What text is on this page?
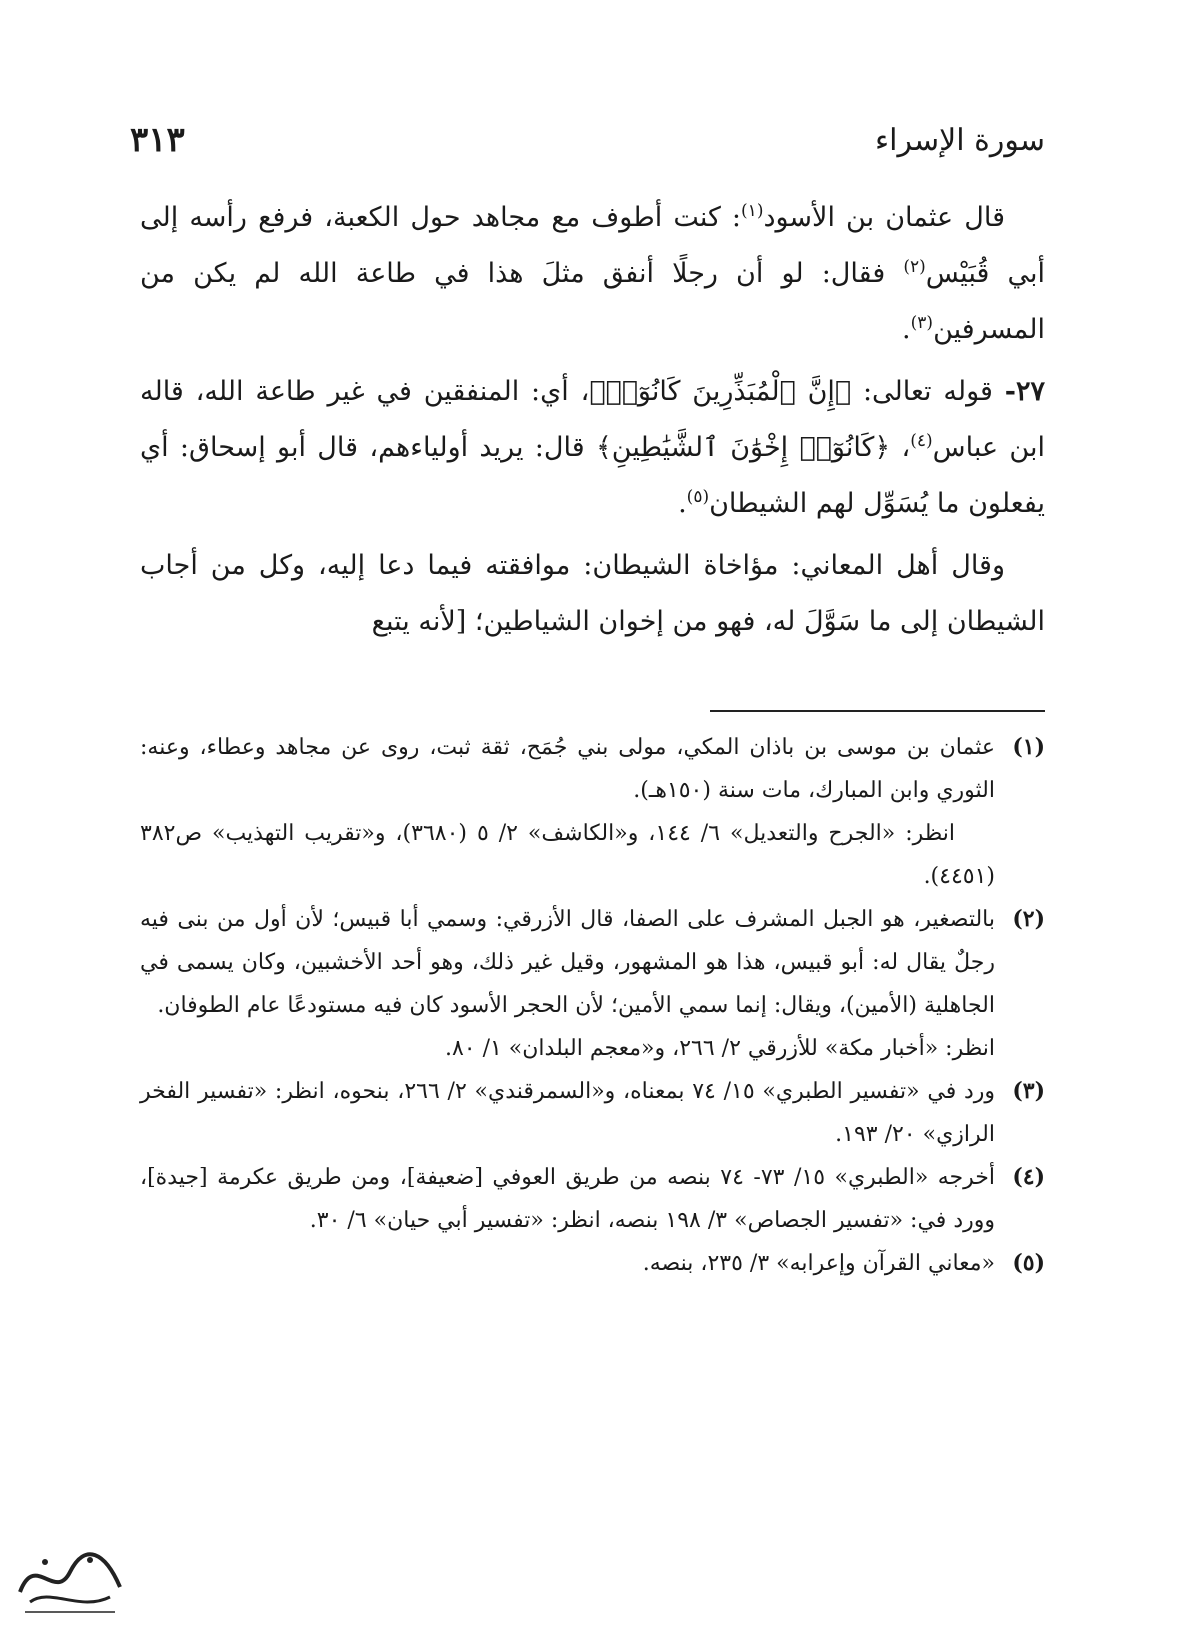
سورة الإسراء
٣١٣

قال عثمان بن الأسود$^{(١)}$: كنت أطوف مع مجاهد حول الكعبة، فرفع رأسه إلى أبي قُبَيْس$^{(٢)}$ فقال: لو أن رجلًا أنفق مثلَ هذا في طاعة الله لم يكن من المسرفين$^{(٣)}$.

٢٧- قوله تعالى: ﴿إِنَّ ٱلْمُبَذِّرِينَ كَانُوٓا۟﴾، أي: المنفقين في غير طاعة الله، قاله ابن عباس$^{(٤)}$، ﴿كَانُوٓا۟ إِخْوَٰنَ ٱلشَّيَٰطِينِ﴾ قال: يريد أولياءهم، قال أبو إسحاق: أي يفعلون ما يُسَوِّل لهم الشيطان$^{(٥)}$.

وقال أهل المعاني: مؤاخاة الشيطان: موافقته فيما دعا إليه، وكل من أجاب الشيطان إلى ما سَوَّلَ له، فهو من إخوان الشياطين؛ [لأنه يتبع

(١)

عثمان بن موسى بن باذان المكي، مولى بني جُمَح، ثقة ثبت، روى عن مجاهد وعطاء، وعنه: الثوري وابن المبارك، مات سنة (١٥٠هـ).

انظر: «الجرح والتعديل» ٦/ ١٤٤، و«الكاشف» ٢/ ٥ (٣٦٨٠)، و«تقريب التهذيب» ص٣٨٢ (٤٤٥١).

(٢)

بالتصغير، هو الجبل المشرف على الصفا، قال الأزرقي: وسمي أبا قبيس؛ لأن أول من بنى فيه رجلٌ يقال له: أبو قبيس، هذا هو المشهور، وقيل غير ذلك، وهو أحد الأخشبين، وكان يسمى في الجاهلية (الأمين)، ويقال: إنما سمي الأمين؛ لأن الحجر الأسود كان فيه مستودعًا عام الطوفان.

انظر: «أخبار مكة» للأزرقي ٢/ ٢٦٦، و«معجم البلدان» ١/ ٨٠.

(٣)

ورد في «تفسير الطبري» ١٥/ ٧٤ بمعناه، و«السمرقندي» ٢/ ٢٦٦، بنحوه، انظر: «تفسير الفخر الرازي» ٢٠/ ١٩٣.

(٤)

أخرجه «الطبري» ١٥/ ٧٣- ٧٤ بنصه من طريق العوفي [ضعيفة]، ومن طريق عكرمة [جيدة]، وورد في: «تفسير الجصاص» ٣/ ١٩٨ بنصه، انظر: «تفسير أبي حيان» ٦/ ٣٠.

(٥)

«معاني القرآن وإعرابه» ٣/ ٢٣٥، بنصه.
